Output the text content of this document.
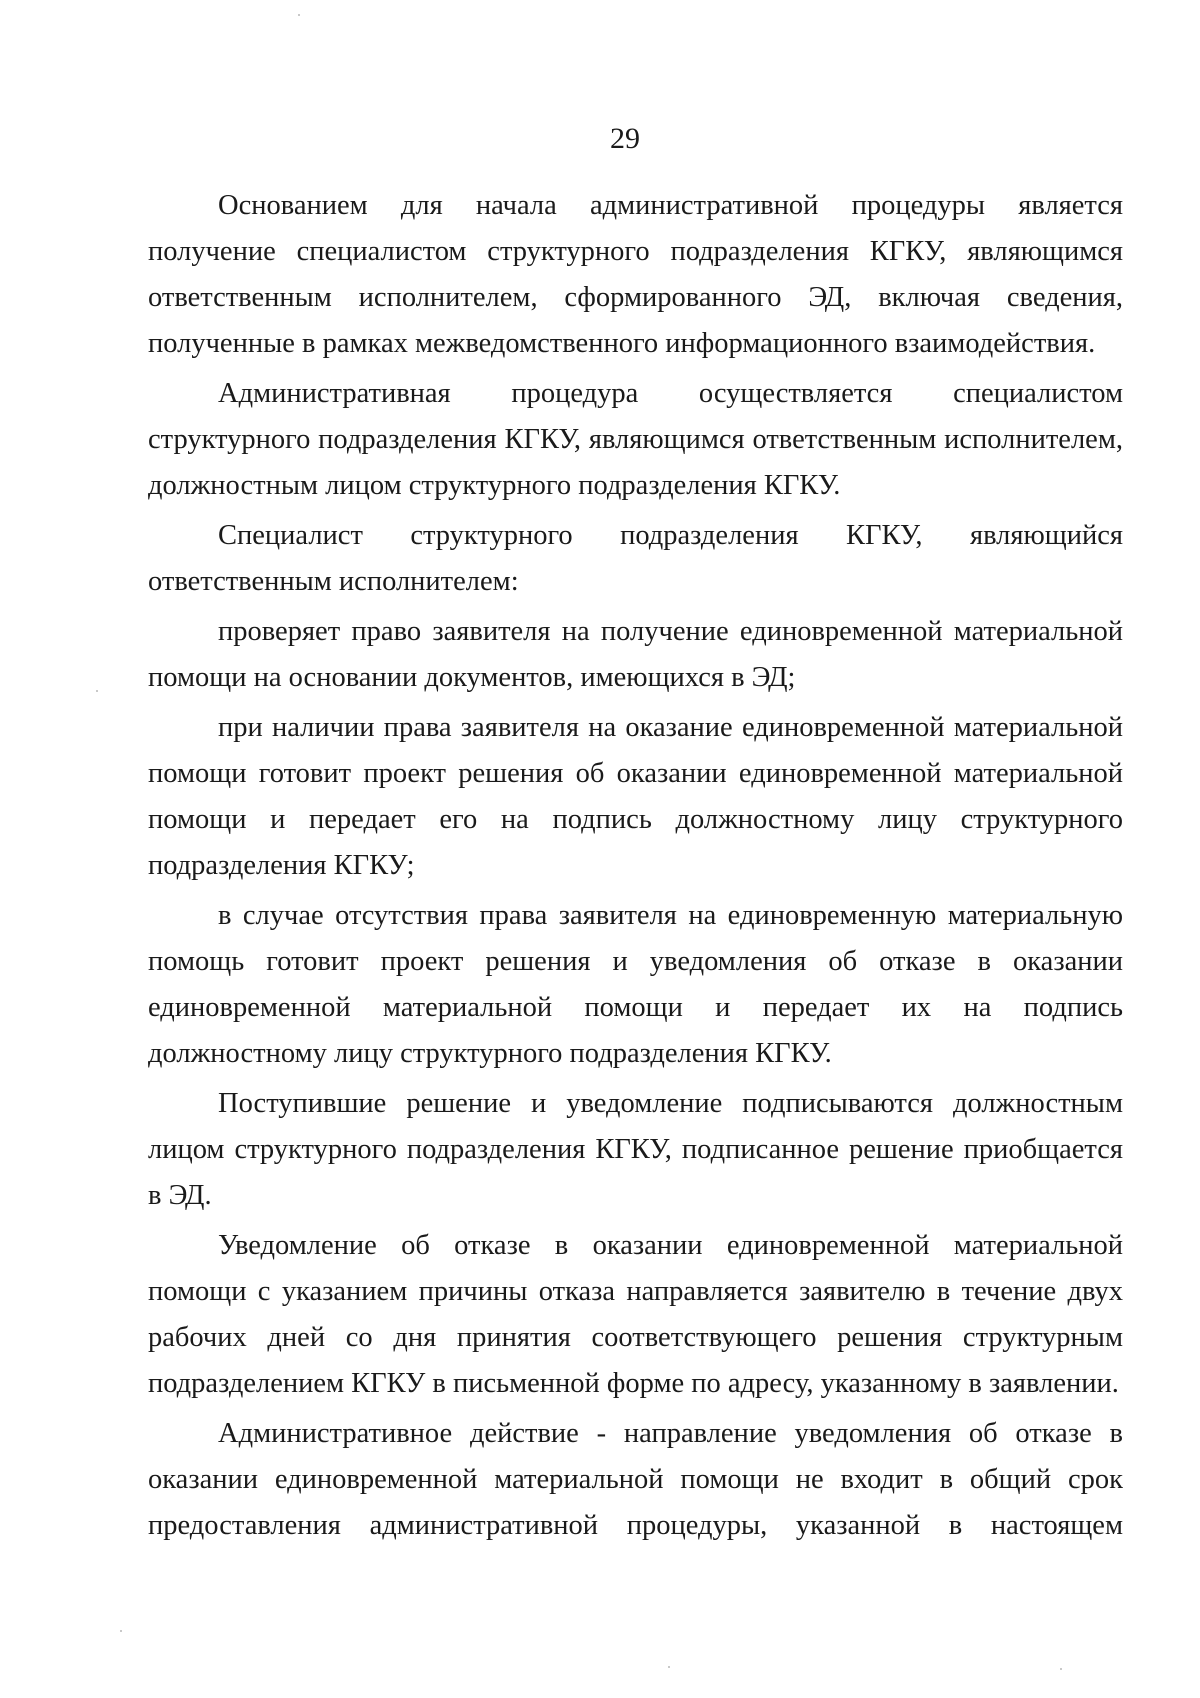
29

Основанием для начала административной процедуры является получение специалистом структурного подразделения КГКУ, являющимся ответственным исполнителем, сформированного ЭД, включая сведения, полученные в рамках межведомственного информационного взаимодействия.

Административная процедура осуществляется специалистом структурного подразделения КГКУ, являющимся ответственным исполнителем, должностным лицом структурного подразделения КГКУ.

Специалист структурного подразделения КГКУ, являющийся ответственным исполнителем:

проверяет право заявителя на получение единовременной материальной помощи на основании документов, имеющихся в ЭД;

при наличии права заявителя на оказание единовременной материальной помощи готовит проект решения об оказании единовременной материальной помощи и передает его на подпись должностному лицу структурного подразделения КГКУ;

в случае отсутствия права заявителя на единовременную материальную помощь готовит проект решения и уведомления об отказе в оказании единовременной материальной помощи и передает их на подпись должностному лицу структурного подразделения КГКУ.

Поступившие решение и уведомление подписываются должностным лицом структурного подразделения КГКУ, подписанное решение приобщается в ЭД.

Уведомление об отказе в оказании единовременной материальной помощи с указанием причины отказа направляется заявителю в течение двух рабочих дней со дня принятия соответствующего решения структурным подразделением КГКУ в письменной форме по адресу, указанному в заявлении.

Административное действие - направление уведомления об отказе в оказании единовременной материальной помощи не входит в общий срок предоставления административной процедуры, указанной в настоящем
